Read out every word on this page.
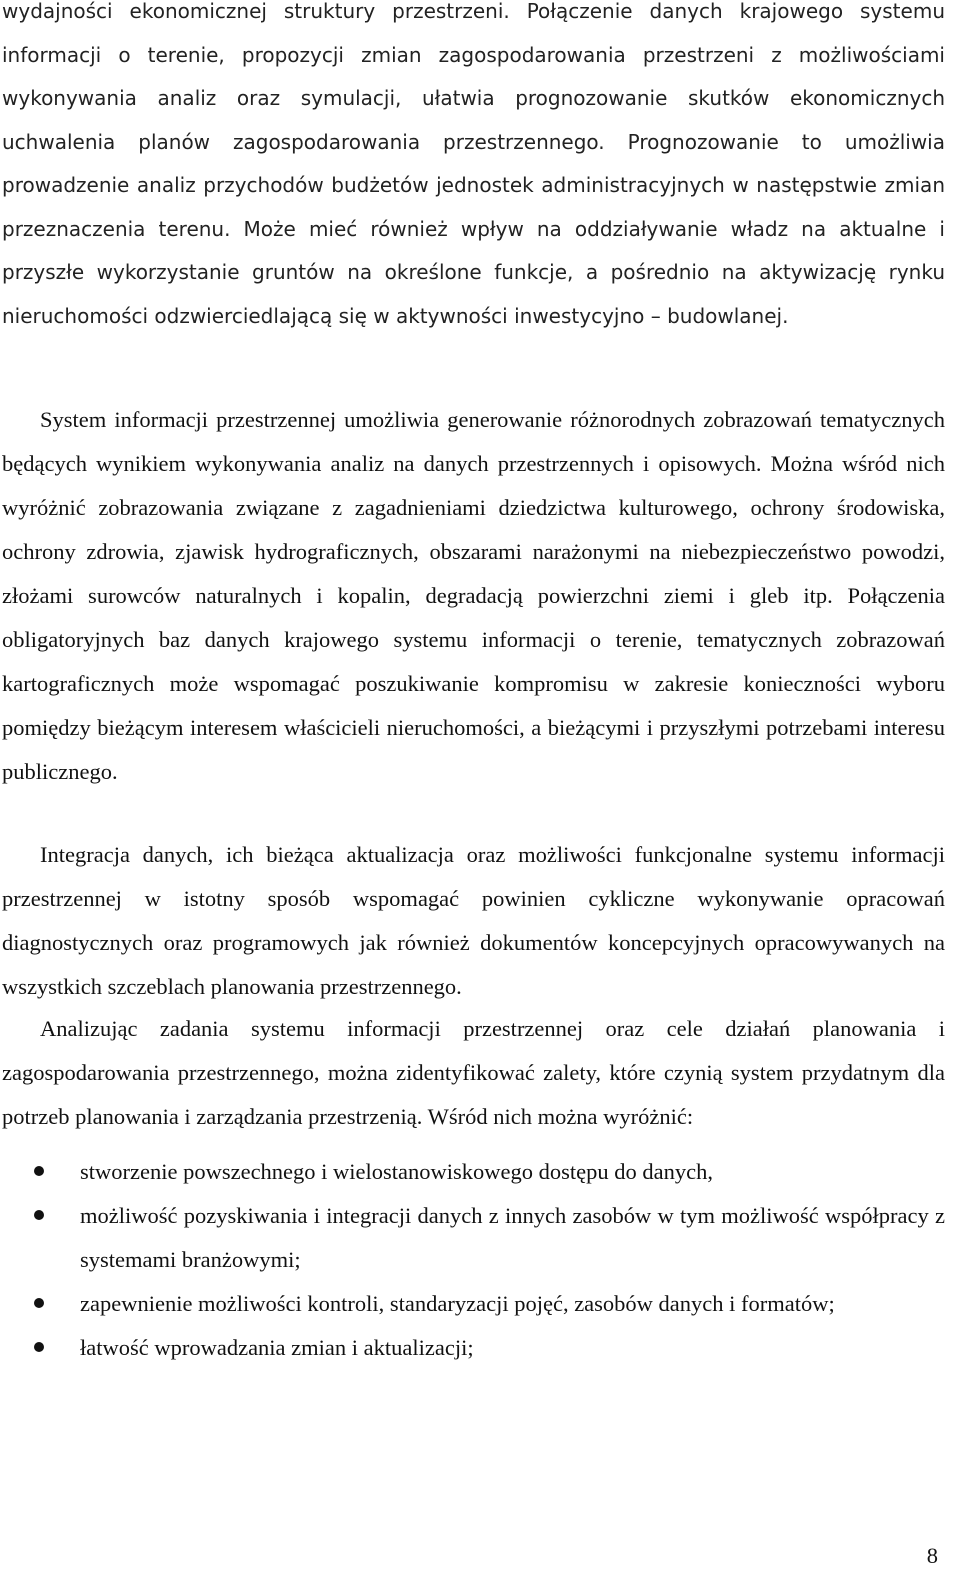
wydajności ekonomicznej struktury przestrzeni. Połączenie danych krajowego systemu informacji o terenie, propozycji zmian zagospodarowania przestrzeni z możliwościami wykonywania analiz oraz symulacji, ułatwia prognozowanie skutków ekonomicznych uchwalenia planów zagospodarowania przestrzennego. Prognozowanie to umożliwia prowadzenie analiz przychodów budżetów jednostek administracyjnych w następstwie zmian przeznaczenia terenu. Może mieć również wpływ na oddziaływanie władz na aktualne i przyszłe wykorzystanie gruntów na określone funkcje, a pośrednio na aktywizację rynku nieruchomości odzwierciedlającą się w aktywności inwestycyjno – budowlanej.

System informacji przestrzennej umożliwia generowanie różnorodnych zobrazowań tematycznych będących wynikiem wykonywania analiz na danych przestrzennych i opisowych. Można wśród nich wyróżnić zobrazowania związane z zagadnieniami dziedzictwa kulturowego, ochrony środowiska, ochrony zdrowia, zjawisk hydrograficznych, obszarami narażonymi na niebezpieczeństwo powodzi, złożami surowców naturalnych i kopalin, degradacją powierzchni ziemi i gleb itp. Połączenia obligatoryjnych baz danych krajowego systemu informacji o terenie, tematycznych zobrazowań kartograficznych może wspomagać poszukiwanie kompromisu w zakresie konieczności wyboru pomiędzy bieżącym interesem właścicieli nieruchomości, a bieżącymi i przyszłymi potrzebami interesu publicznego.

Integracja danych, ich bieżąca aktualizacja oraz możliwości funkcjonalne systemu informacji przestrzennej w istotny sposób wspomagać powinien cykliczne wykonywanie opracowań diagnostycznych oraz programowych jak również dokumentów koncepcyjnych opracowywanych na wszystkich szczeblach planowania przestrzennego.

Analizując zadania systemu informacji przestrzennej oraz cele działań planowania i zagospodarowania przestrzennego, można zidentyfikować zalety, które czynią system przydatnym dla potrzeb planowania i zarządzania przestrzenią. Wśród nich można wyróżnić:

stworzenie powszechnego i wielostanowiskowego dostępu do danych,
możliwość pozyskiwania i integracji danych z innych zasobów w tym możliwość współpracy z systemami branżowymi;
zapewnienie możliwości kontroli, standaryzacji pojęć, zasobów danych i formatów;
łatwość wprowadzania zmian i aktualizacji;
8
